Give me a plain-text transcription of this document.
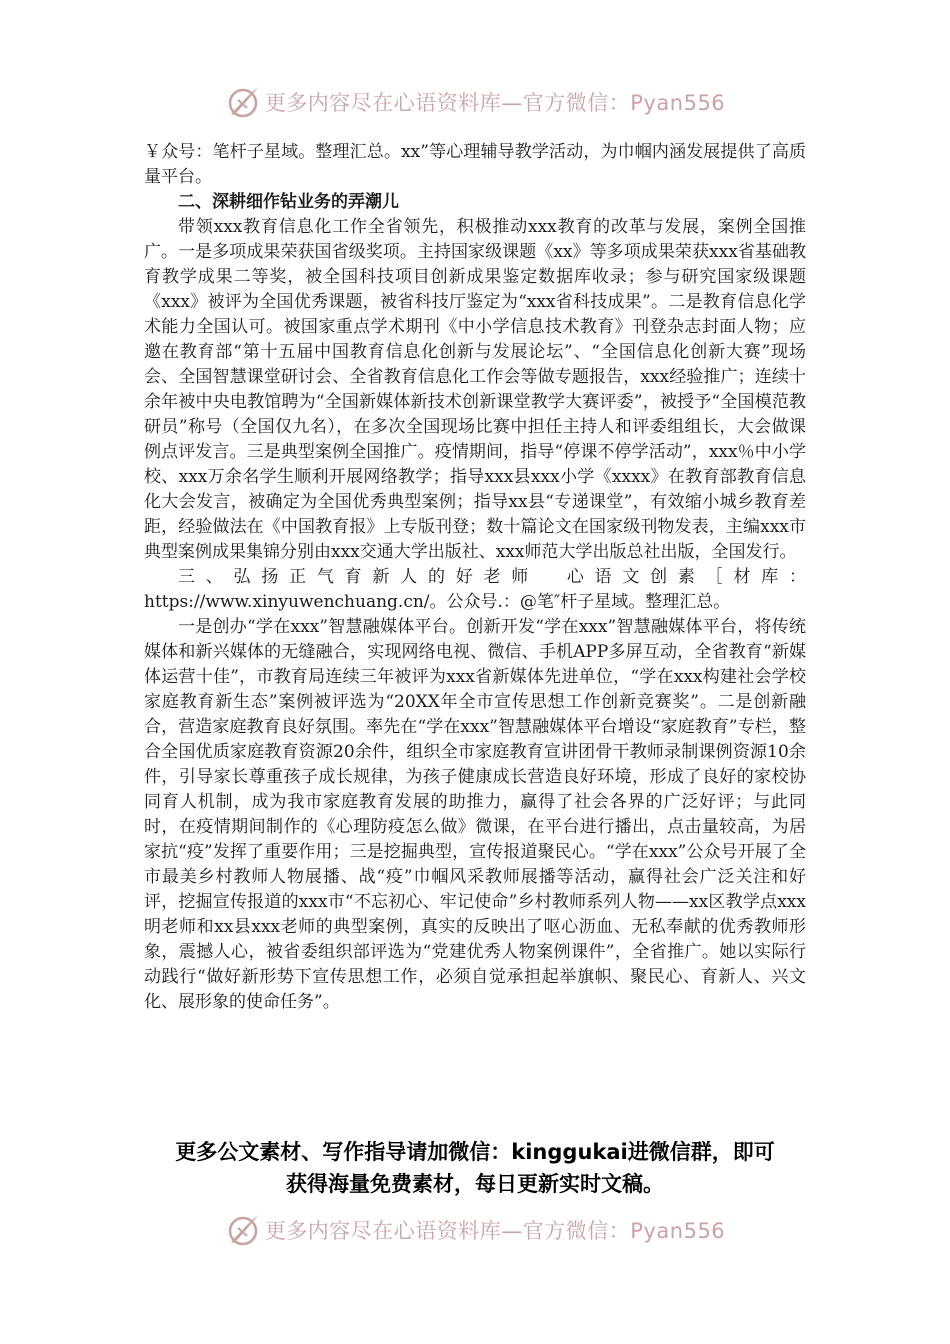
更多内容尽在心语资料库—官方微信：Pyan556

￥众号：笔杆子星域。整理汇总。xx”等心理辅导教学活动，为巾帼内涵发展提供了高质量平台。

二、深耕细作钻业务的弄潮儿

带领xxx教育信息化工作全省领先，积极推动xxx教育的改革与发展，案例全国推广。一是多项成果荣获国省级奖项。主持国家级课题《xx》等多项成果荣获xxx省基础教育教学成果二等奖，被全国科技项目创新成果鉴定数据库收录；参与研究国家级课题《xxx》被评为全国优秀课题，被省科技厅鉴定为“xxx省科技成果”。二是教育信息化学术能力全国认可。被国家重点学术期刊《中小学信息技术教育》刊登杂志封面人物；应邀在教育部“第十五届中国教育信息化创新与发展论坛”、“全国信息化创新大赛”现场会、全国智慧课堂研讨会、全省教育信息化工作会等做专题报告，xxx经验推广；连续十余年被中央电教馆聘为“全国新媒体新技术创新课堂教学大赛评委”，被授予“全国模范教研员”称号（全国仅九名），在多次全国现场比赛中担任主持人和评委组组长，大会做课例点评发言。三是典型案例全国推广。疫情期间，指导“停课不停学活动”，xxx％中小学校、xxx万余名学生顺利开展网络教学；指导xxx县xxx小学《xxxx》在教育部教育信息化大会发言，被确定为全国优秀典型案例；指导xx县“专递课堂”，有效缩小城乡教育差距，经验做法在《中国教育报》上专版刊登；数十篇论文在国家级刊物发表，主编xxx市典型案例成果集锦分别由xxx交通大学出版社、xxx师范大学出版总社出版，全国发行。

三、弘扬正气育新人的好老师　心语文创素［材库：https://www.xinyuwenchuang.cn/。公众号.：@笔″杆子星域。整理汇总。

一是创办“学在xxx”智慧融媒体平台。创新开发“学在xxx”智慧融媒体平台，将传统媒体和新兴媒体的无缝融合，实现网络电视、微信、手机APP多屏互动，全省教育“新媒体运营十佳”，市教育局连续三年被评为xxx省新媒体先进单位，“学在xxx构建社会学校家庭教育新生态”案例被评选为“20XX年全市宣传思想工作创新竞赛奖”。二是创新融合，营造家庭教育良好氛围。率先在“学在xxx”智慧融媒体平台增设“家庭教育”专栏，整合全国优质家庭教育资源20余件，组织全市家庭教育宣讲团骨干教师录制课例资源10余件，引导家长尊重孩子成长规律，为孩子健康成长营造良好环境，形成了良好的家校协同育人机制，成为我市家庭教育发展的助推力，赢得了社会各界的广泛好评；与此同时，在疫情期间制作的《心理防疫怎么做》微课，在平台进行播出，点击量较高，为居家抗“疫”发挥了重要作用；三是挖掘典型，宣传报道聚民心。“学在xxx”公众号开展了全市最美乡村教师人物展播、战“疫”巾帼风采教师展播等活动，赢得社会广泛关注和好评，挖掘宣传报道的xxx市“不忘初心、牢记使命”乡村教师系列人物——xx区教学点xxx明老师和xx县xxx老师的典型案例，真实的反映出了呕心沥血、无私奉献的优秀教师形象，震撼人心，被省委组织部评选为“党建优秀人物案例课件”，全省推广。她以实际行动践行“做好新形势下宣传思想工作，必须自觉承担起举旗帜、聚民心、育新人、兴文化、展形象的使命任务”。

更多公文素材、写作指导请加微信：kinggukai进微信群，即可
获得海量免费素材，每日更新实时文稿。
更多内容尽在心语资料库—官方微信：Pyan556
